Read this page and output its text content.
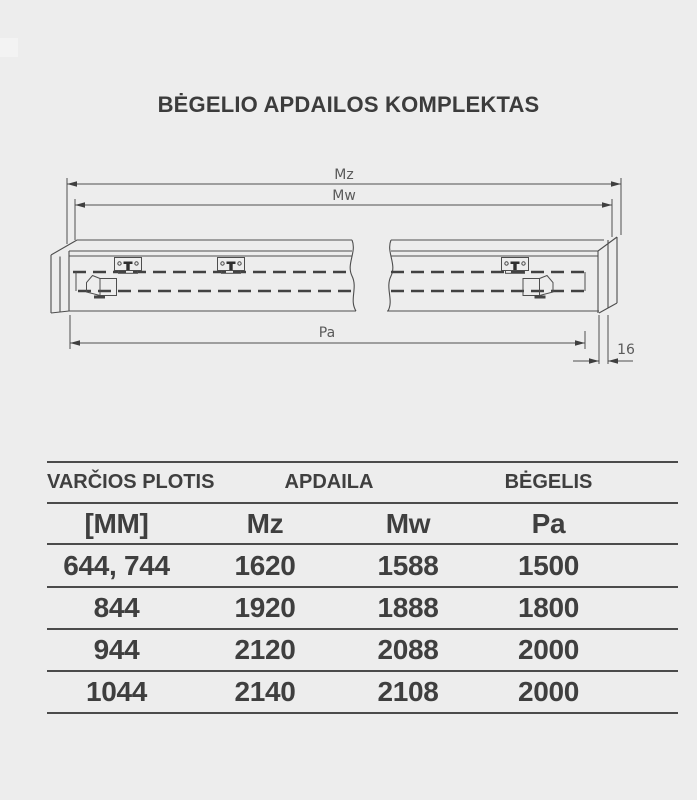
BĖGELIO APDAILOS KOMPLEKTAS
Mz
Mw
Pa
16
VARČIOS PLOTIS	APDAILA	BĖGELIS
[MM]	Mz	Mw	Pa
644, 744	1620	1588	1500
844	1920	1888	1800
944	2120	2088	2000
1044	2140	2108	2000
